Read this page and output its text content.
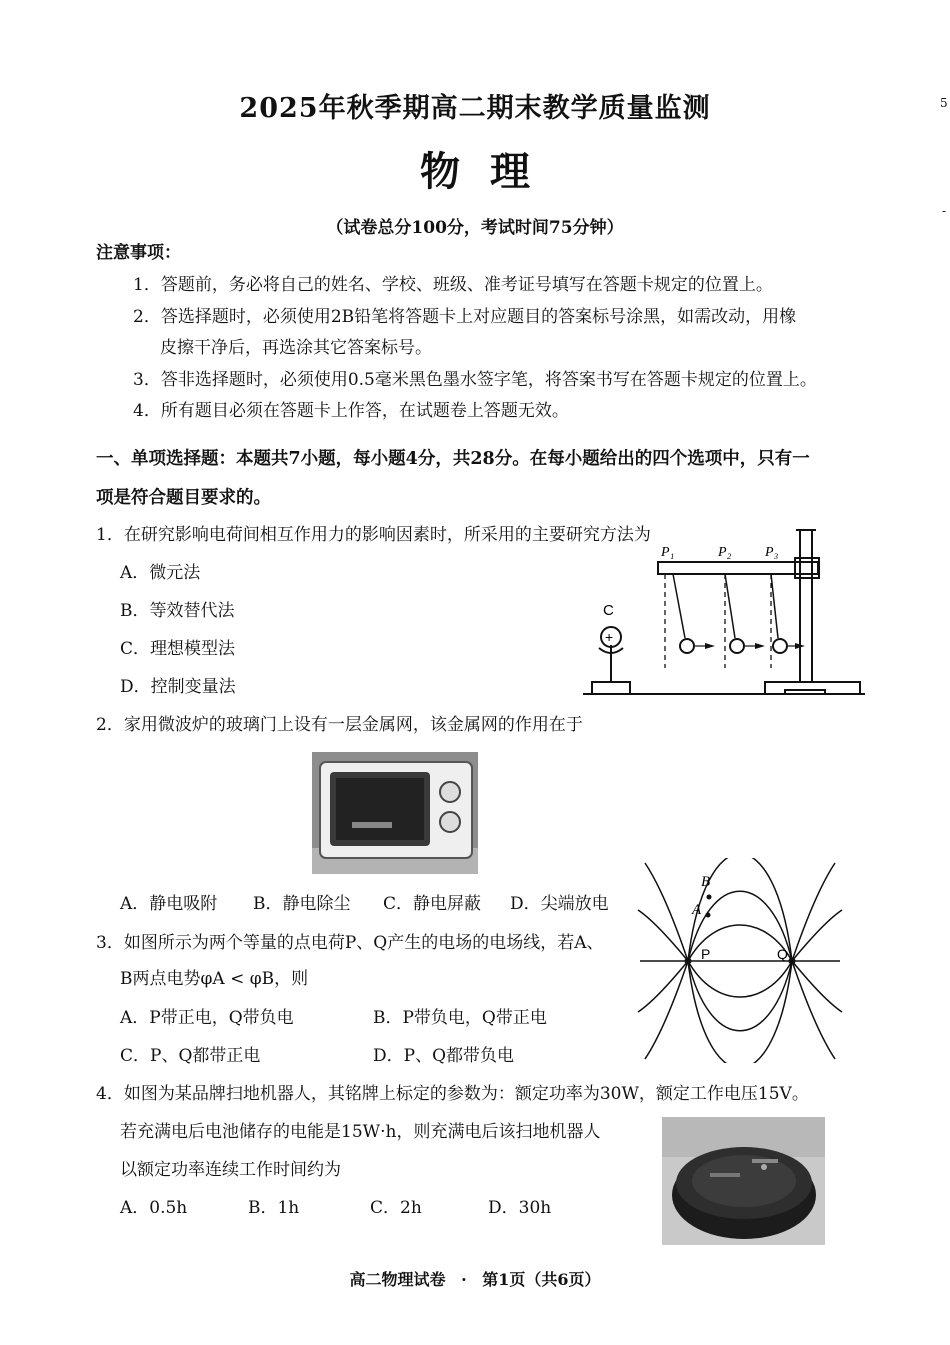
2025年秋季期高二期末教学质量监测
物理
（试卷总分100分，考试时间75分钟）
5
-
注意事项：
1．答题前，务必将自己的姓名、学校、班级、准考证号填写在答题卡规定的位置上。
2．答选择题时，必须使用2B铅笔将答题卡上对应题目的答案标号涂黑，如需改动，用橡
皮擦干净后，再选涂其它答案标号。
3．答非选择题时，必须使用0.5毫米黑色墨水签字笔，将答案书写在答题卡规定的位置上。
4．所有题目必须在答题卡上作答，在试题卷上答题无效。
一、单项选择题：本题共7小题，每小题4分，共28分。在每小题给出的四个选项中，只有一
项是符合题目要求的。
1．在研究影响电荷间相互作用力的影响因素时，所采用的主要研究方法为
A．微元法
B．等效替代法
C．理想模型法
D．控制变量法
C
+
P₁	P₂ P₃
2．家用微波炉的玻璃门上设有一层金属网，该金属网的作用在于
A．静电吸附 B．静电除尘 C．静电屏蔽 D．尖端放电
3．如图所示为两个等量的点电荷P、Q产生的电场的电场线，若A、
B两点电势φA < φB，则
A．P带正电，Q带负电	B．P带负电，Q带正电
C．P、Q都带正电	D．P、Q都带负电
B
A
P	Q
4．如图为某品牌扫地机器人，其铭牌上标定的参数为：额定功率为30W，额定工作电压15V。
若充满电后电池储存的电能是15W·h，则充满电后该扫地机器人
以额定功率连续工作时间约为
A．0.5h	B．1h	C．2h	D．30h
高二物理试卷 · 第1页（共6页）
